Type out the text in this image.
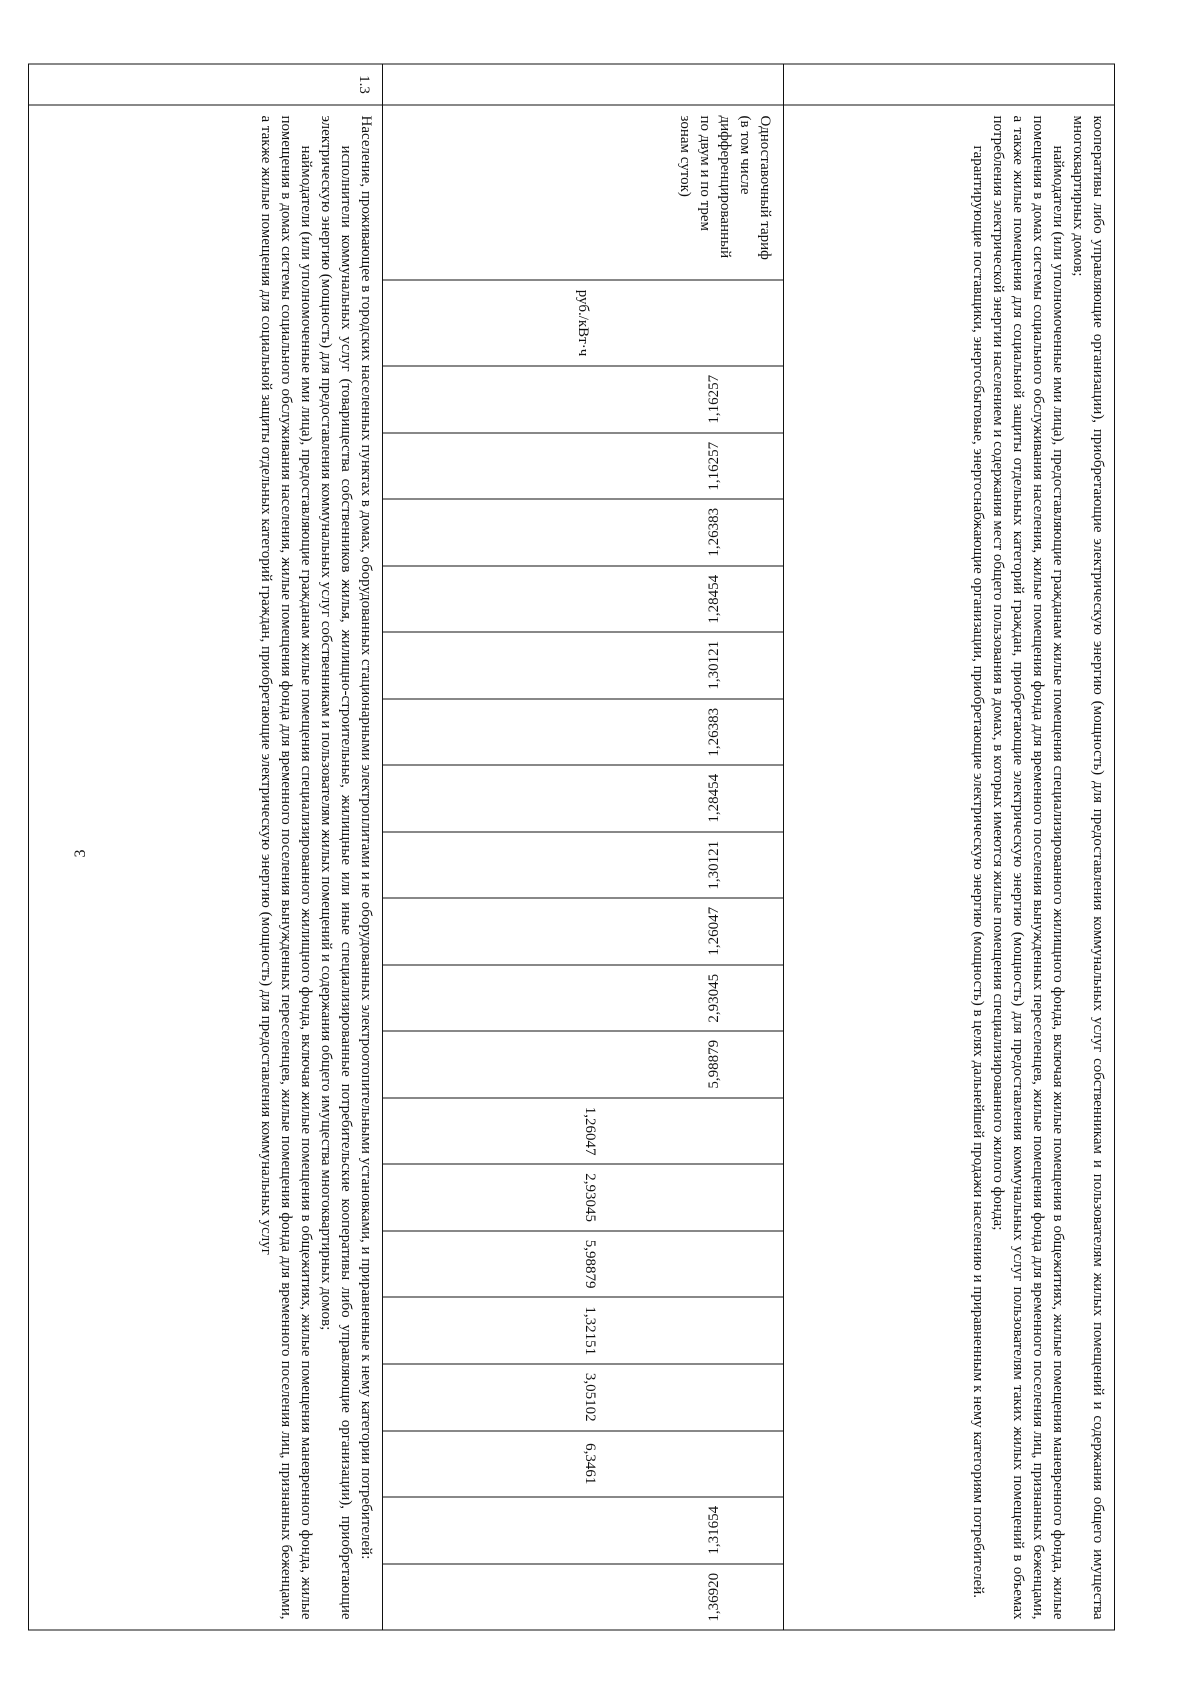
3	кооперативы либо управляющие организации), приобретающие электрическую энергию (мощность) для предоставления коммунальных услуг собственникам и пользователям жилых помещений и содержания общего имущества многоквартирных домов;

наймодатели (или уполномоченные ими лица), предоставляющие гражданам жилые помещения специализированного жилищного фонда, включая жилые помещения в общежитиях, жилые помещения маневренного фонда, жилые помещения в домах системы социального обслуживания населения, жилые помещения фонда для временного поселения вынужденных переселенцев, жилые помещения фонда для временного поселения лиц, признанных беженцами, а также жилые помещения для социальной защиты отдельных категорий граждан, приобретающие электрическую энергию (мощность) для предоставления коммунальных услуг пользователям таких жилых помещений в объемах потребления электрической энергии населением и содержания мест общего пользования в домах, в которых имеются жилые помещения специализированного жилого фонда;

гарантирующие поставщики, энергосбытовые, энергоснабжающие организации, приобретающие электрическую энергию (мощность) в целях дальнейшей продажи населению и приравненным к нему категориям потребителей.

Одноставочный тариф (в том числе дифференцированный по двум и по трем зонам суток)
руб./кВт·ч
1,16257
1,16257
1,26383
1,28454
1,30121
1,26383
1,28454
1,30121
1,26047
2,93045
5,98879
1,26047
2,93045
5,98879
1,32151
3,05102
6,3461
1,31654
1,36920
1.3

Население, проживающее в городских населенных пунктах в домах, оборудованных стационарными электроплитами и не оборудованных электроотопительными установками, и приравненные к нему категории потребителей:

исполнители коммунальных услуг (товарищества собственников жилья, жилищно-строительные, жилищные или иные специализированные потребительские кооперативы либо управляющие организации), приобретающие электрическую энергию (мощность) для предоставления коммунальных услуг собственникам и пользователям жилых помещений и содержания общего имущества многоквартирных домов;

наймодатели (или уполномоченные ими лица), предоставляющие гражданам жилые помещения специализированного жилищного фонда, включая жилые помещения в общежитиях, жилые помещения маневренного фонда, жилые помещения в домах системы социального обслуживания населения, жилые помещения фонда для временного поселения вынужденных переселенцев, жилые помещения фонда для временного поселения лиц, признанных беженцами, а также жилые помещения для социальной защиты отдельных категорий граждан, приобретающие электрическую энергию (мощность) для предоставления коммунальных услуг
